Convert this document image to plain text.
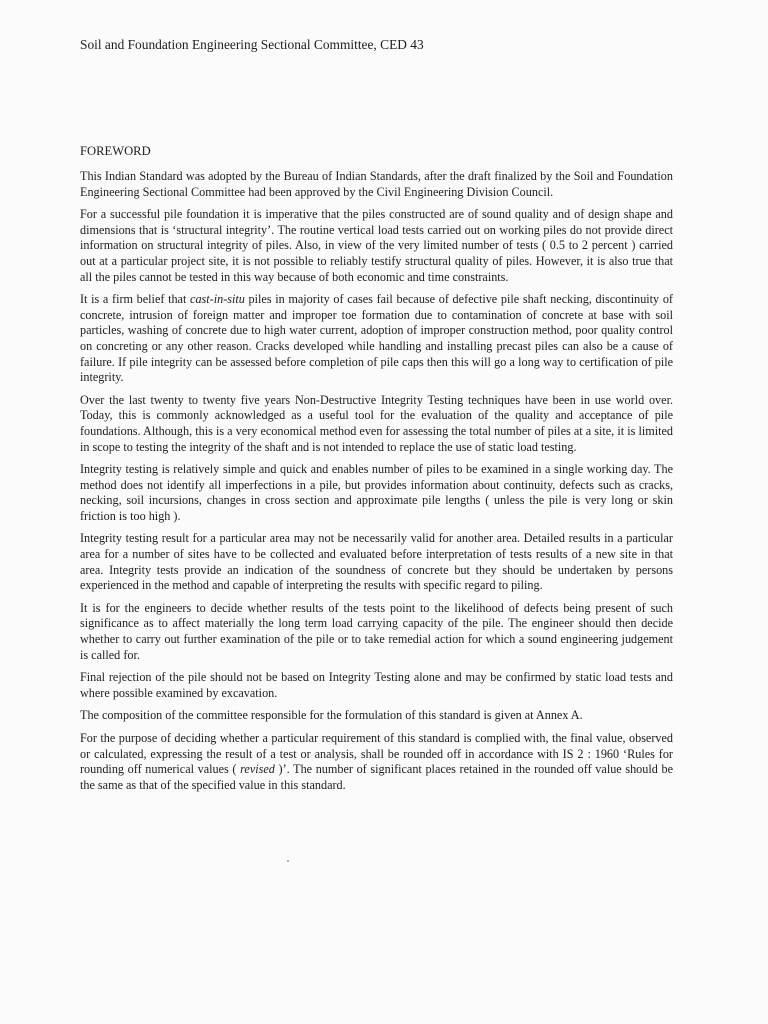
Soil and Foundation Engineering Sectional Committee, CED 43
FOREWORD

This Indian Standard was adopted by the Bureau of Indian Standards, after the draft finalized by the Soil and Foundation Engineering Sectional Committee had been approved by the Civil Engineering Division Council.

For a successful pile foundation it is imperative that the piles constructed are of sound quality and of design shape and dimensions that is ‘structural integrity’. The routine vertical load tests carried out on working piles do not provide direct information on structural integrity of piles. Also, in view of the very limited number of tests ( 0.5 to 2 percent ) carried out at a particular project site, it is not possible to reliably testify structural quality of piles. However, it is also true that all the piles cannot be tested in this way because of both economic and time constraints.

It is a firm belief that cast-in-situ piles in majority of cases fail because of defective pile shaft necking, discontinuity of concrete, intrusion of foreign matter and improper toe formation due to contamination of concrete at base with soil particles, washing of concrete due to high water current, adoption of improper construction method, poor quality control on concreting or any other reason. Cracks developed while handling and installing precast piles can also be a cause of failure. If pile integrity can be assessed before completion of pile caps then this will go a long way to certification of pile integrity.

Over the last twenty to twenty five years Non-Destructive Integrity Testing techniques have been in use world over. Today, this is commonly acknowledged as a useful tool for the evaluation of the quality and acceptance of pile foundations. Although, this is a very economical method even for assessing the total number of piles at a site, it is limited in scope to testing the integrity of the shaft and is not intended to replace the use of static load testing.

Integrity testing is relatively simple and quick and enables number of piles to be examined in a single working day. The method does not identify all imperfections in a pile, but provides information about continuity, defects such as cracks, necking, soil incursions, changes in cross section and approximate pile lengths ( unless the pile is very long or skin friction is too high ).

Integrity testing result for a particular area may not be necessarily valid for another area. Detailed results in a particular area for a number of sites have to be collected and evaluated before interpretation of tests results of a new site in that area. Integrity tests provide an indication of the soundness of concrete but they should be undertaken by persons experienced in the method and capable of interpreting the results with specific regard to piling.

It is for the engineers to decide whether results of the tests point to the likelihood of defects being present of such significance as to affect materially the long term load carrying capacity of the pile. The engineer should then decide whether to carry out further examination of the pile or to take remedial action for which a sound engineering judgement is called for.

Final rejection of the pile should not be based on Integrity Testing alone and may be confirmed by static load tests and where possible examined by excavation.

The composition of the committee responsible for the formulation of this standard is given at Annex A.

For the purpose of deciding whether a particular requirement of this standard is complied with, the final value, observed or calculated, expressing the result of a test or analysis, shall be rounded off in accordance with IS 2 : 1960 ‘Rules for rounding off numerical values ( revised )’. The number of significant places retained in the rounded off value should be the same as that of the specified value in this standard.
